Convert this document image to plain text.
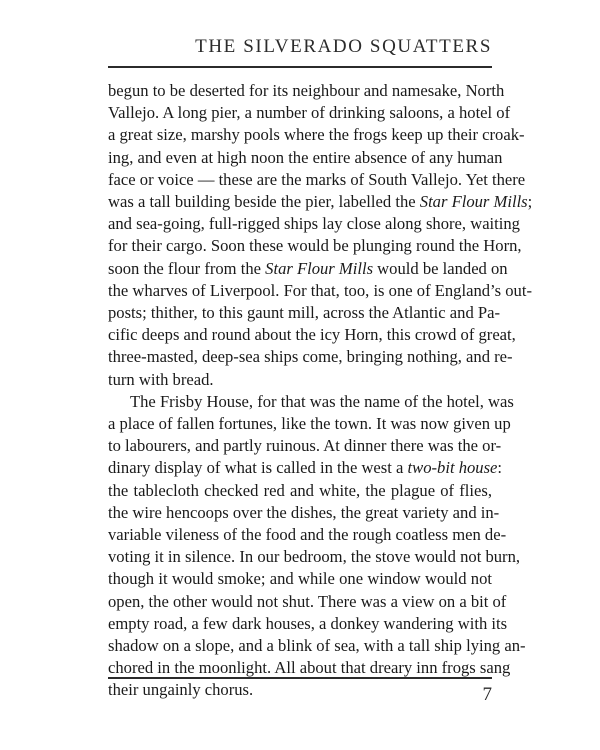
THE SILVERADO SQUATTERS
begun to be deserted for its neighbour and namesake, North
Vallejo. A long pier, a number of drinking saloons, a hotel of
a great size, marshy pools where the frogs keep up their croak-
ing, and even at high noon the entire absence of any human
face or voice — these are the marks of South Vallejo. Yet there
was a tall building beside the pier, labelled the Star Flour Mills;
and sea-going, full-rigged ships lay close along shore, waiting
for their cargo. Soon these would be plunging round the Horn,
soon the flour from the Star Flour Mills would be landed on
the wharves of Liverpool. For that, too, is one of England’s out-
posts; thither, to this gaunt mill, across the Atlantic and Pa-
cific deeps and round about the icy Horn, this crowd of great,
three-masted, deep-sea ships come, bringing nothing, and re-
turn with bread.
The Frisby House, for that was the name of the hotel, was
a place of fallen fortunes, like the town. It was now given up
to labourers, and partly ruinous. At dinner there was the or-
dinary display of what is called in the west a two-bit house:
the tablecloth checked red and white, the plague of flies,
the wire hencoops over the dishes, the great variety and in-
variable vileness of the food and the rough coatless men de-
voting it in silence. In our bedroom, the stove would not burn,
though it would smoke; and while one window would not
open, the other would not shut. There was a view on a bit of
empty road, a few dark houses, a donkey wandering with its
shadow on a slope, and a blink of sea, with a tall ship lying an-
chored in the moonlight. All about that dreary inn frogs sang
their ungainly chorus.	7
